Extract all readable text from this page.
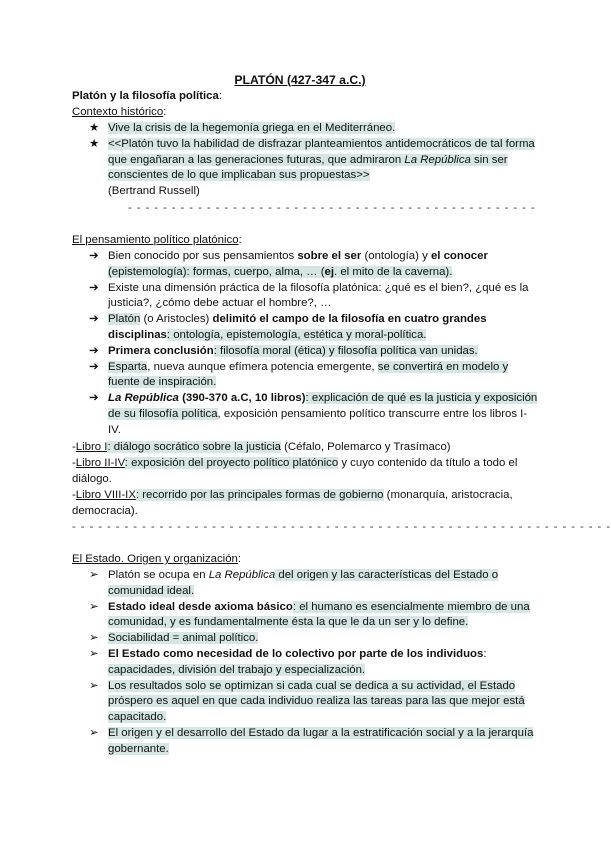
PLATÓN (427-347 a.C.)

Platón y la filosofía política:

Contexto histórico:

★ Vive la crisis de la hegemonía griega en el Mediterráneo.
★ <<Platón tuvo la habilidad de disfrazar planteamientos antidemocráticos de tal forma que engañaran a las generaciones futuras, que admiraron La República sin ser conscientes de lo que implicaban sus propuestas>>
(Bertrand Russell)
- - - - - - - - - - - - - - - - - - - - - - - - - - - - - - - - - - - - - - - - - - - - - - -

El pensamiento político platónico:

➔ Bien conocido por sus pensamientos sobre el ser (ontología) y el conocer (epistemología): formas, cuerpo, alma, … (ej. el mito de la caverna).
➔ Existe una dimensión práctica de la filosofía platónica: ¿qué es el bien?, ¿qué es la justicia?, ¿cómo debe actuar el hombre?, …
➔ Platón (o Aristocles) delimitó el campo de la filosofía en cuatro grandes disciplinas: ontología, epistemología, estética y moral-política.
➔ Primera conclusión: filosofía moral (ética) y filosofía política van unidas.
➔ Esparta, nueva aunque efímera potencia emergente, se convertirá en modelo y fuente de inspiración.
➔ La República (390-370 a.C, 10 libros): explicación de qué es la justicia y exposición de su filosofía política, exposición pensamiento político transcurre entre los libros I-IV.

-Libro I: diálogo socrático sobre la justicia (Céfalo, Polemarco y Trasímaco)

-Libro II-IV: exposición del proyecto político platónico y cuyo contenido da título a todo el diálogo.

-Libro VIII-IX: recorrido por las principales formas de gobierno (monarquía, aristocracia, democracia).

- - - - - - - - - - - - - - - - - - - - - - - - - - - - - - - - - - - - - - - - - - - - - - - - - - - - - - - - - - - - - -

El Estado. Origen y organización:

➢ Platón se ocupa en La República del origen y las características del Estado o comunidad ideal.
➢ Estado ideal desde axioma básico: el humano es esencialmente miembro de una comunidad, y es fundamentalmente ésta la que le da un ser y lo define.
➢ Sociabilidad = animal político.
➢ El Estado como necesidad de lo colectivo por parte de los individuos: capacidades, división del trabajo y especialización.
➢ Los resultados solo se optimizan si cada cual se dedica a su actividad, el Estado próspero es aquel en que cada individuo realiza las tareas para las que mejor está capacitado.
➢ El origen y el desarrollo del Estado da lugar a la estratificación social y a la jerarquía gobernante.
